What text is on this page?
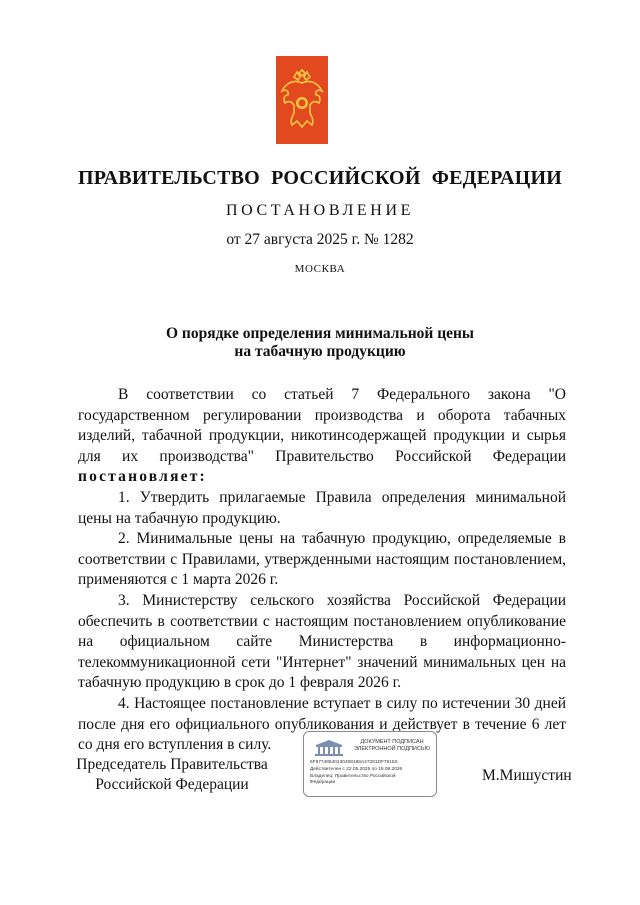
ПРАВИТЕЛЬСТВО РОССИЙСКОЙ ФЕДЕРАЦИИ
ПОСТАНОВЛЕНИЕ
от 27 августа 2025 г. № 1282
МОСКВА
О порядке определения минимальной цены
на табачную продукцию

В соответствии со статьей 7 Федерального закона "О государственном регулировании производства и оборота табачных изделий, табачной продукции, никотинсодержащей продукции и сырья для их производства" Правительство Российской Федерации постановляет:

1. Утвердить прилагаемые Правила определения минимальной цены на табачную продукцию.

2. Минимальные цены на табачную продукцию, определяемые в соответствии с Правилами, утвержденными настоящим постановлением, применяются с 1 марта 2026 г.

3. Министерству сельского хозяйства Российской Федерации обеспечить в соответствии с настоящим постановлением опубликование на официальном сайте Министерства в информационно-телекоммуникационной сети "Интернет" значений минимальных цен на табачную продукцию в срок до 1 февраля 2026 г.

4. Настоящее постановление вступает в силу по истечении 30 дней после дня его официального опубликования и действует в течение 6 лет со дня его вступления в силу.

Председатель Правительства
Российской Федерации
ДОКУМЕНТ ПОДПИСАН
ЭЛЕКТРОННОЙ ПОДПИСЬЮ
6F67748540130408188A47281DF7915S
Действителен с 22.05.2025 по 15.08.2026
Владелец: Правительство Российской
Федерации	М.Мишустин
